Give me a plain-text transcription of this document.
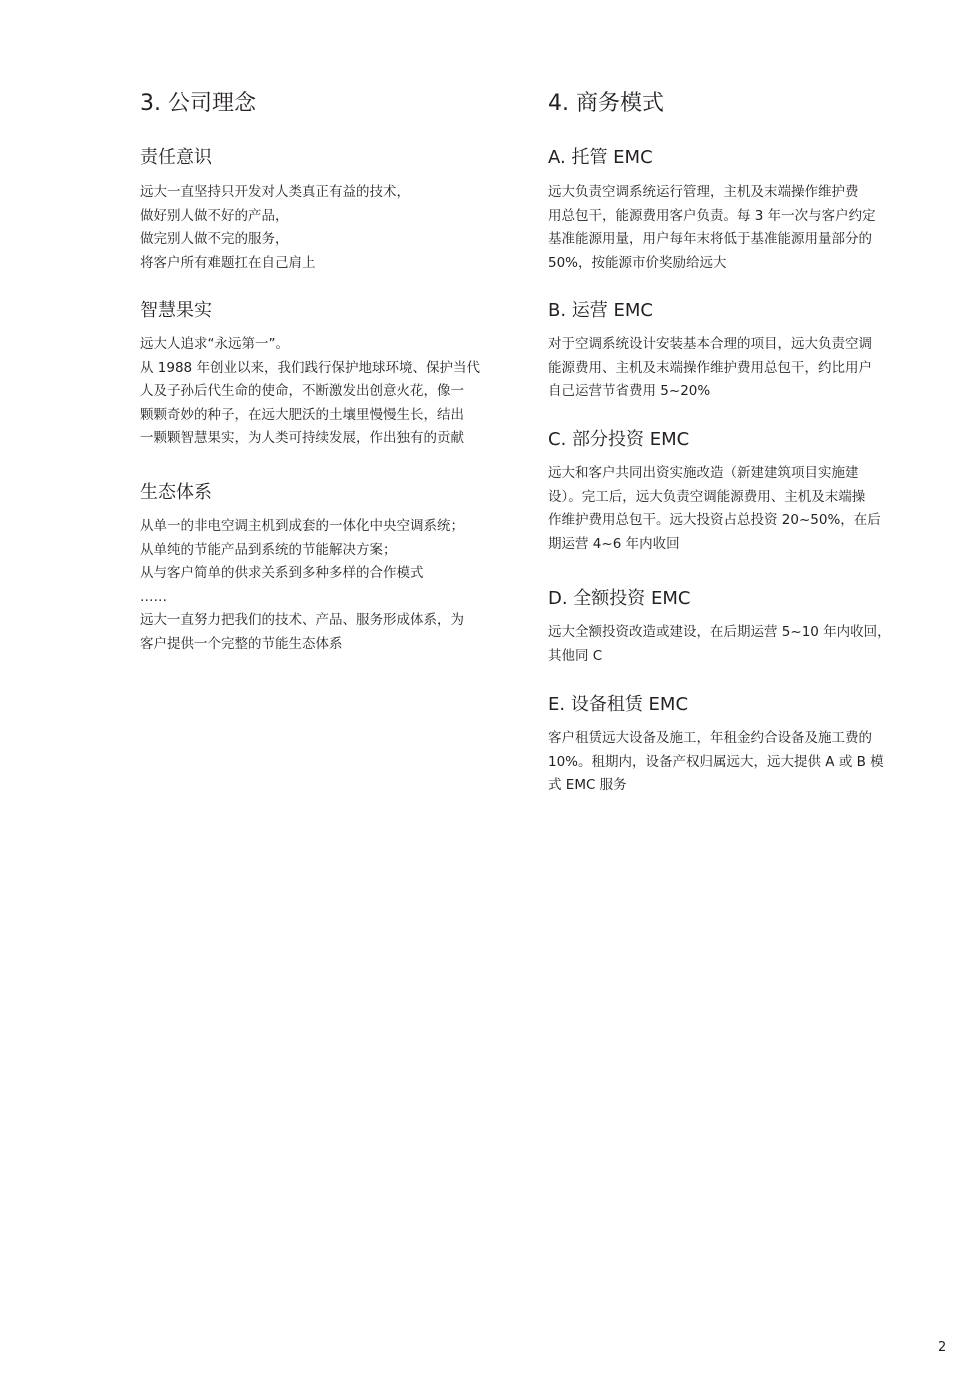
3. 公司理念
责任意识
远大一直坚持只开发对人类真正有益的技术，
做好别人做不好的产品，
做完别人做不完的服务，
将客户所有难题扛在自己肩上
智慧果实
远大人追求“永远第一”。
从 1988 年创业以来，我们践行保护地球环境、保护当代
人及子孙后代生命的使命，不断激发出创意火花，像一
颗颗奇妙的种子，在远大肥沃的土壤里慢慢生长，结出
一颗颗智慧果实，为人类可持续发展，作出独有的贡献
生态体系
从单一的非电空调主机到成套的一体化中央空调系统；
从单纯的节能产品到系统的节能解决方案；
从与客户简单的供求关系到多种多样的合作模式
……
远大一直努力把我们的技术、产品、服务形成体系，为
客户提供一个完整的节能生态体系
4. 商务模式
A. 托管 EMC
远大负责空调系统运行管理，主机及末端操作维护费
用总包干，能源费用客户负责。每 3 年一次与客户约定
基准能源用量，用户每年末将低于基准能源用量部分的
50%，按能源市价奖励给远大
B. 运营 EMC
对于空调系统设计安装基本合理的项目，远大负责空调
能源费用、主机及末端操作维护费用总包干，约比用户
自己运营节省费用 5~20%
C. 部分投资 EMC
远大和客户共同出资实施改造（新建建筑项目实施建
设）。完工后，远大负责空调能源费用、主机及末端操
作维护费用总包干。远大投资占总投资 20~50%，在后
期运营 4~6 年内收回
D. 全额投资 EMC
远大全额投资改造或建设，在后期运营 5~10 年内收回，
其他同 C
E. 设备租赁 EMC
客户租赁远大设备及施工，年租金约合设备及施工费的
10%。租期内，设备产权归属远大，远大提供 A 或 B 模
式 EMC 服务
2
